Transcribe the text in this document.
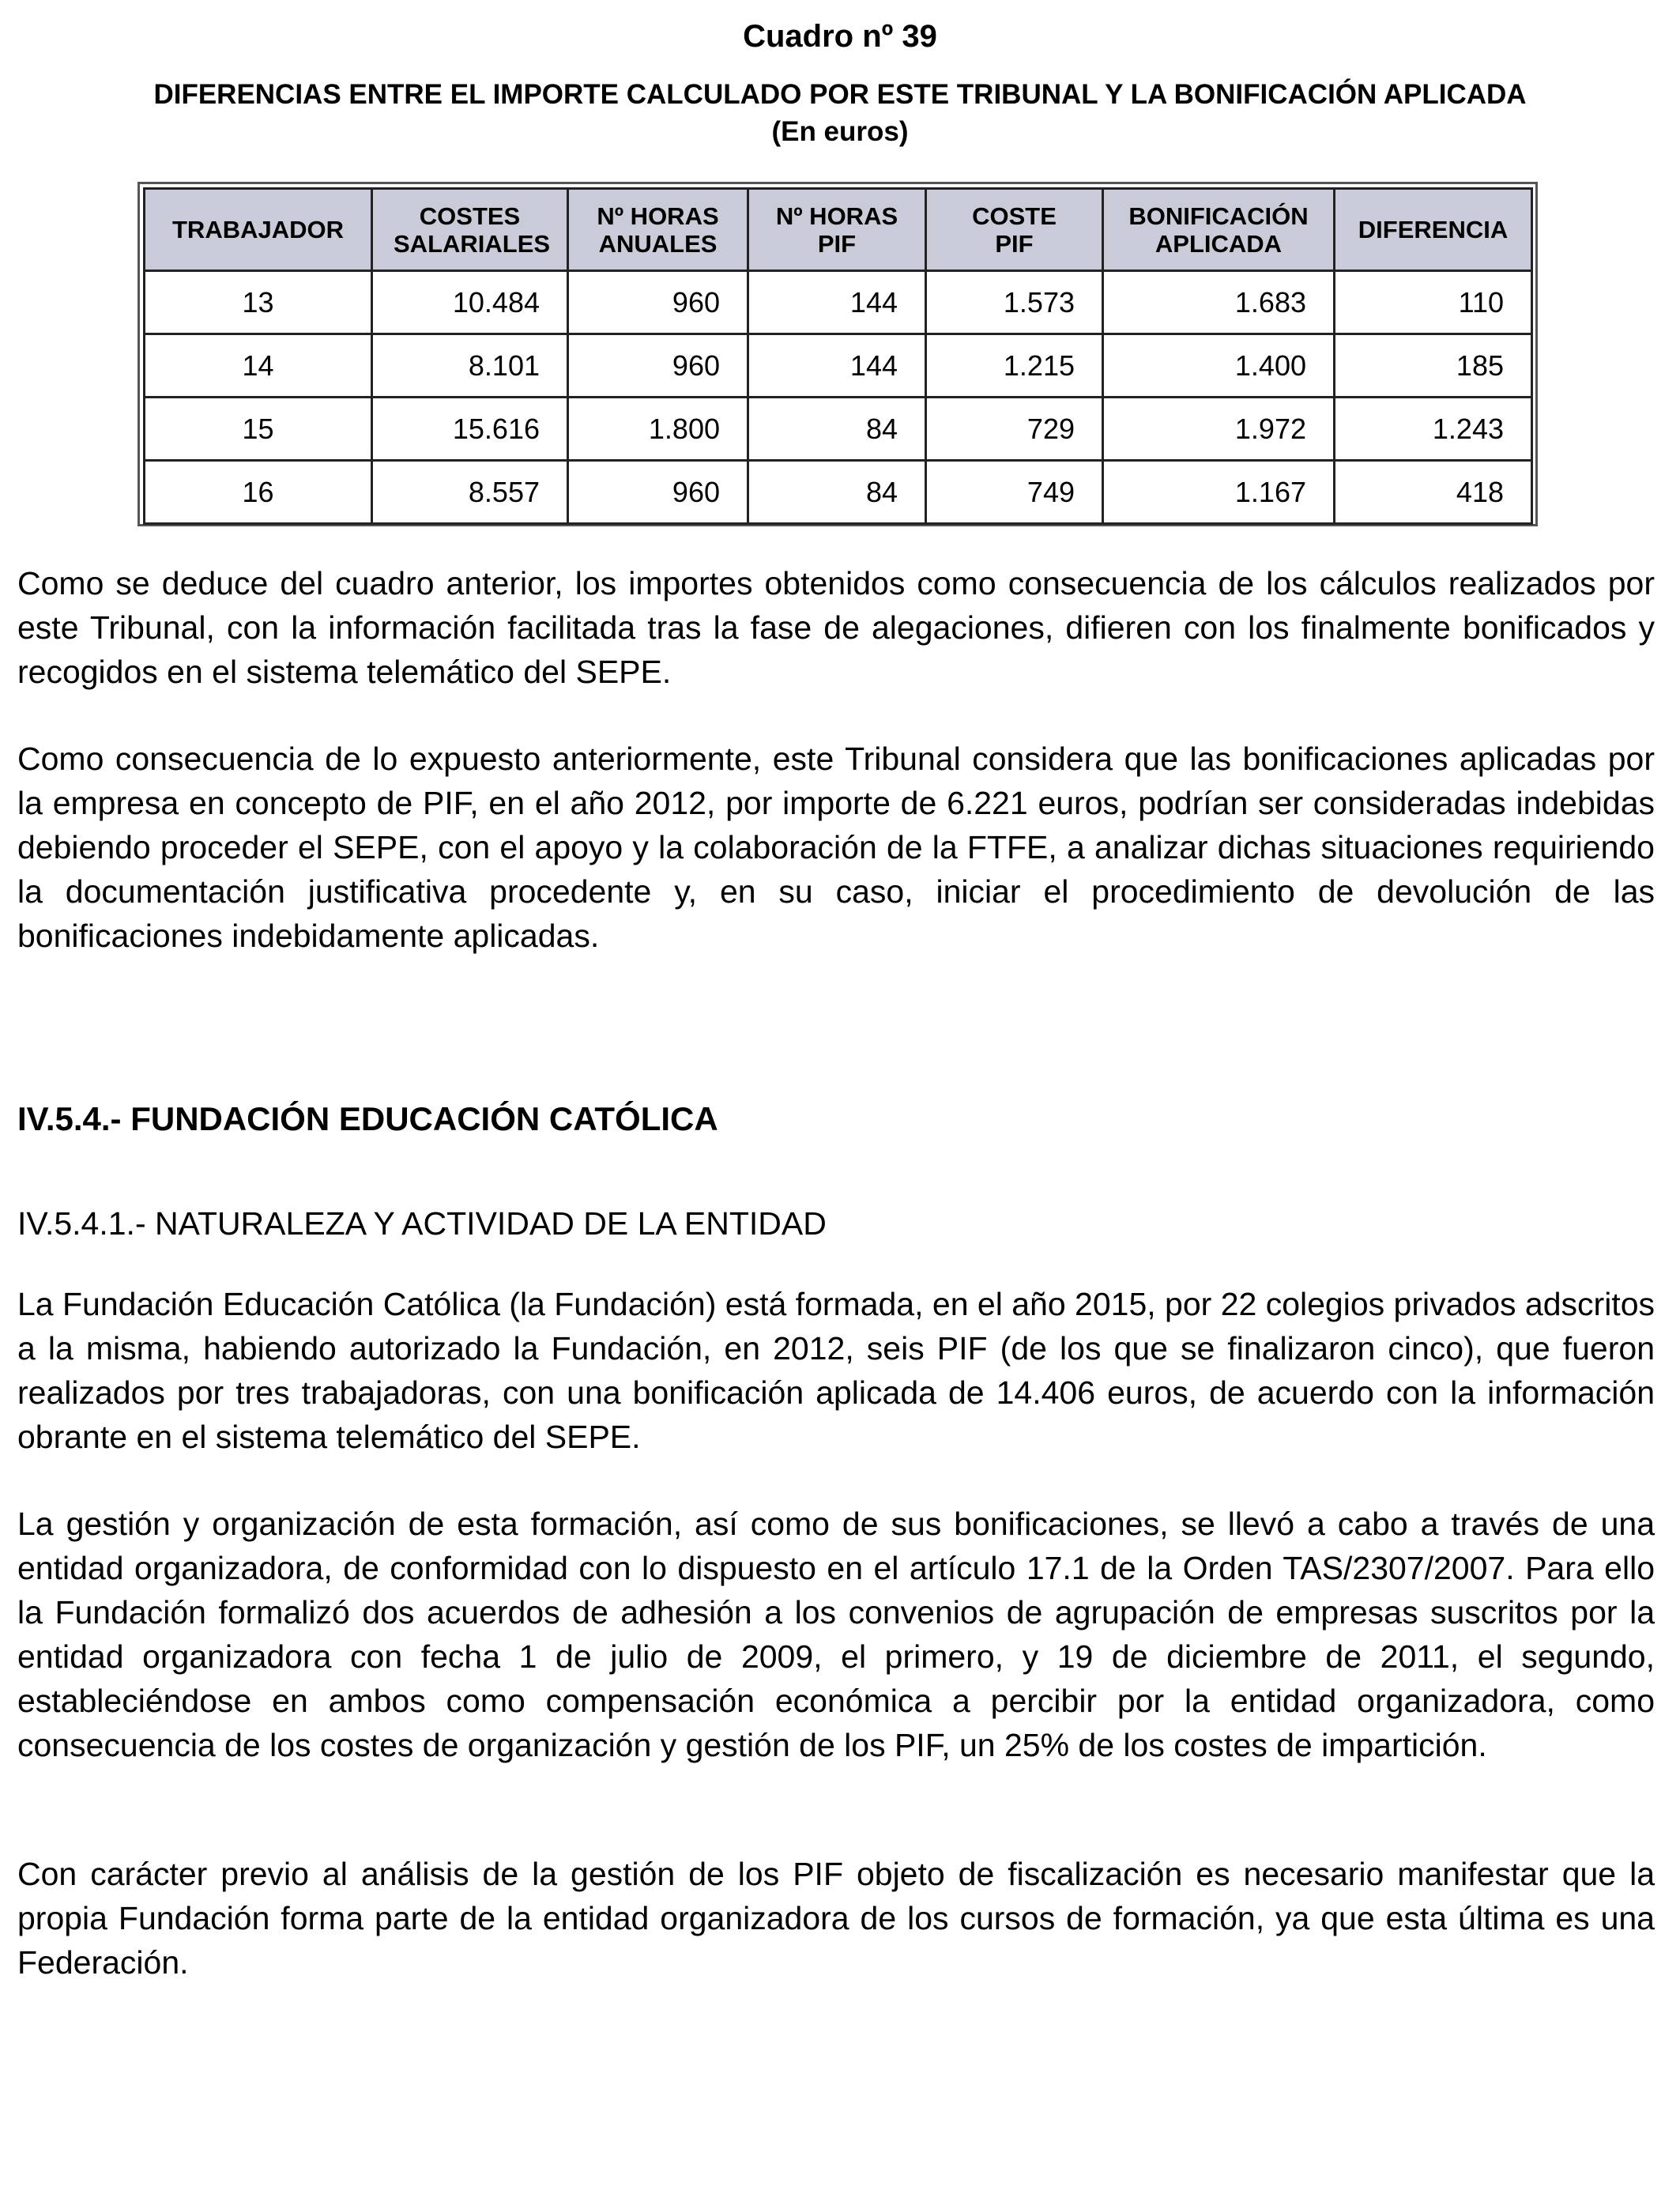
Cuadro nº 39
DIFERENCIAS ENTRE EL IMPORTE CALCULADO POR ESTE TRIBUNAL Y LA BONIFICACIÓN APLICADA
(En euros)
TRABAJADOR	COSTES SALARIALES	Nº HORAS ANUALES	Nº HORAS PIF	COSTE PIF	BONIFICACIÓN APLICADA	DIFERENCIA

13	10.484	960	144	1.573	1.683	110
14	8.101	960	144	1.215	1.400	185
15	15.616	1.800	84	729	1.972	1.243
16	8.557	960	84	749	1.167	418

Como se deduce del cuadro anterior, los importes obtenidos como consecuencia de los cálculos realizados por este Tribunal, con la información facilitada tras la fase de alegaciones, difieren con los finalmente bonificados y recogidos en el sistema telemático del SEPE.

Como consecuencia de lo expuesto anteriormente, este Tribunal considera que las bonificaciones aplicadas por la empresa en concepto de PIF, en el año 2012, por importe de 6.221 euros, podrían ser consideradas indebidas debiendo proceder el SEPE, con el apoyo y la colaboración de la FTFE, a analizar dichas situaciones requiriendo la documentación justificativa procedente y, en su caso, iniciar el procedimiento de devolución de las bonificaciones indebidamente aplicadas.

IV.5.4.- FUNDACIÓN EDUCACIÓN CATÓLICA
IV.5.4.1.- NATURALEZA Y ACTIVIDAD DE LA ENTIDAD

La Fundación Educación Católica (la Fundación) está formada, en el año 2015, por 22 colegios privados adscritos a la misma, habiendo autorizado la Fundación, en 2012, seis PIF (de los que se finalizaron cinco), que fueron realizados por tres trabajadoras, con una bonificación aplicada de 14.406 euros, de acuerdo con la información obrante en el sistema telemático del SEPE.

La gestión y organización de esta formación, así como de sus bonificaciones, se llevó a cabo a través de una entidad organizadora, de conformidad con lo dispuesto en el artículo 17.1 de la Orden TAS/2307/2007. Para ello la Fundación formalizó dos acuerdos de adhesión a los convenios de agrupación de empresas suscritos por la entidad organizadora con fecha 1 de julio de 2009, el primero, y 19 de diciembre de 2011, el segundo, estableciéndose en ambos como compensación económica a percibir por la entidad organizadora, como consecuencia de los costes de organización y gestión de los PIF, un 25% de los costes de impartición.

Con carácter previo al análisis de la gestión de los PIF objeto de fiscalización es necesario manifestar que la propia Fundación forma parte de la entidad organizadora de los cursos de formación, ya que esta última es una Federación.
